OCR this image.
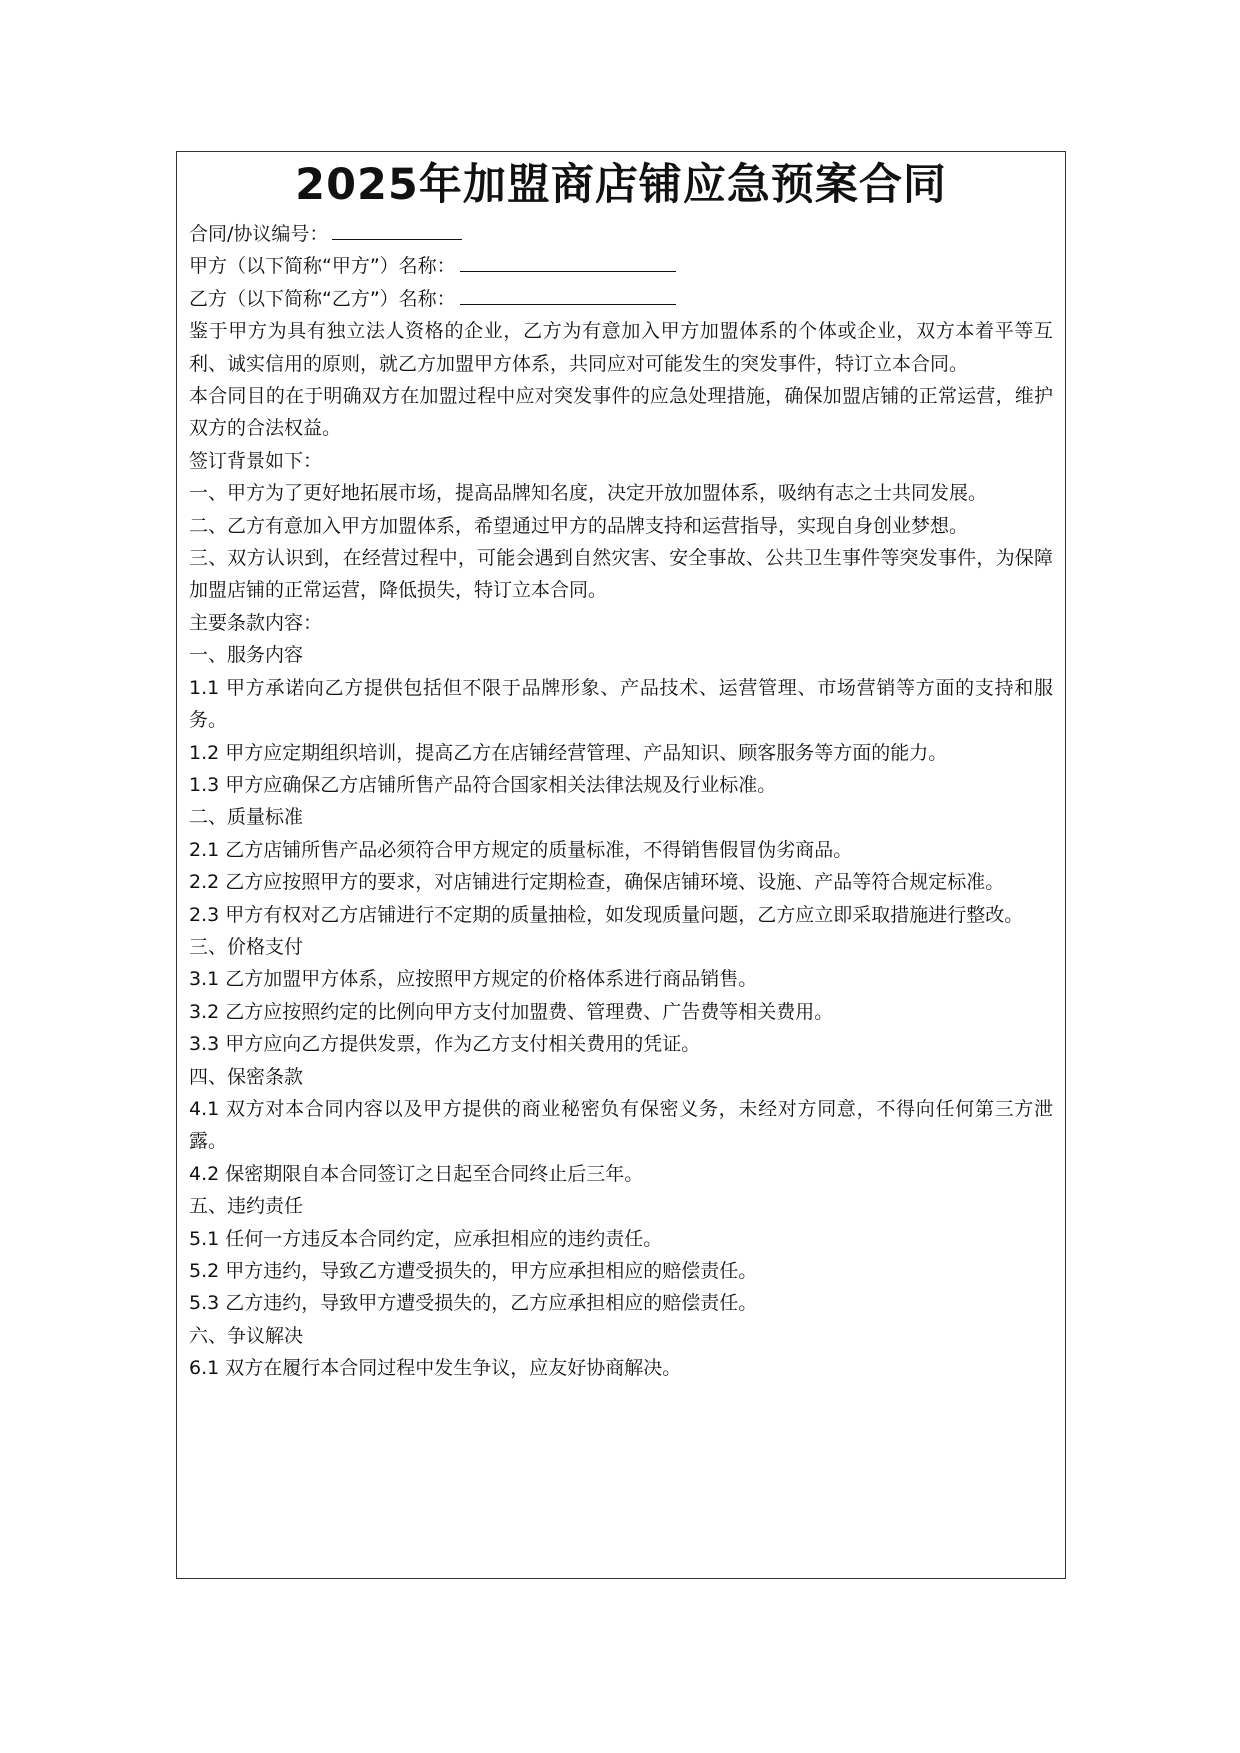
2025年加盟商店铺应急预案合同

合同/协议编号：

甲方（以下简称“甲方”）名称：

乙方（以下简称“乙方”）名称：

鉴于甲方为具有独立法人资格的企业，乙方为有意加入甲方加盟体系的个体或企业，双方本着平等互利、诚实信用的原则，就乙方加盟甲方体系，共同应对可能发生的突发事件，特订立本合同。

本合同目的在于明确双方在加盟过程中应对突发事件的应急处理措施，确保加盟店铺的正常运营，维护双方的合法权益。

签订背景如下：

一、甲方为了更好地拓展市场，提高品牌知名度，决定开放加盟体系，吸纳有志之士共同发展。

二、乙方有意加入甲方加盟体系，希望通过甲方的品牌支持和运营指导，实现自身创业梦想。

三、双方认识到，在经营过程中，可能会遇到自然灾害、安全事故、公共卫生事件等突发事件，为保障加盟店铺的正常运营，降低损失，特订立本合同。

主要条款内容：

一、服务内容

1.1 甲方承诺向乙方提供包括但不限于品牌形象、产品技术、运营管理、市场营销等方面的支持和服务。

1.2 甲方应定期组织培训，提高乙方在店铺经营管理、产品知识、顾客服务等方面的能力。

1.3 甲方应确保乙方店铺所售产品符合国家相关法律法规及行业标准。

二、质量标准

2.1 乙方店铺所售产品必须符合甲方规定的质量标准，不得销售假冒伪劣商品。

2.2 乙方应按照甲方的要求，对店铺进行定期检查，确保店铺环境、设施、产品等符合规定标准。

2.3 甲方有权对乙方店铺进行不定期的质量抽检，如发现质量问题，乙方应立即采取措施进行整改。

三、价格支付

3.1 乙方加盟甲方体系，应按照甲方规定的价格体系进行商品销售。

3.2 乙方应按照约定的比例向甲方支付加盟费、管理费、广告费等相关费用。

3.3 甲方应向乙方提供发票，作为乙方支付相关费用的凭证。

四、保密条款

4.1 双方对本合同内容以及甲方提供的商业秘密负有保密义务，未经对方同意，不得向任何第三方泄露。

4.2 保密期限自本合同签订之日起至合同终止后三年。

五、违约责任

5.1 任何一方违反本合同约定，应承担相应的违约责任。

5.2 甲方违约，导致乙方遭受损失的，甲方应承担相应的赔偿责任。

5.3 乙方违约，导致甲方遭受损失的，乙方应承担相应的赔偿责任。

六、争议解决

6.1 双方在履行本合同过程中发生争议，应友好协商解决。
